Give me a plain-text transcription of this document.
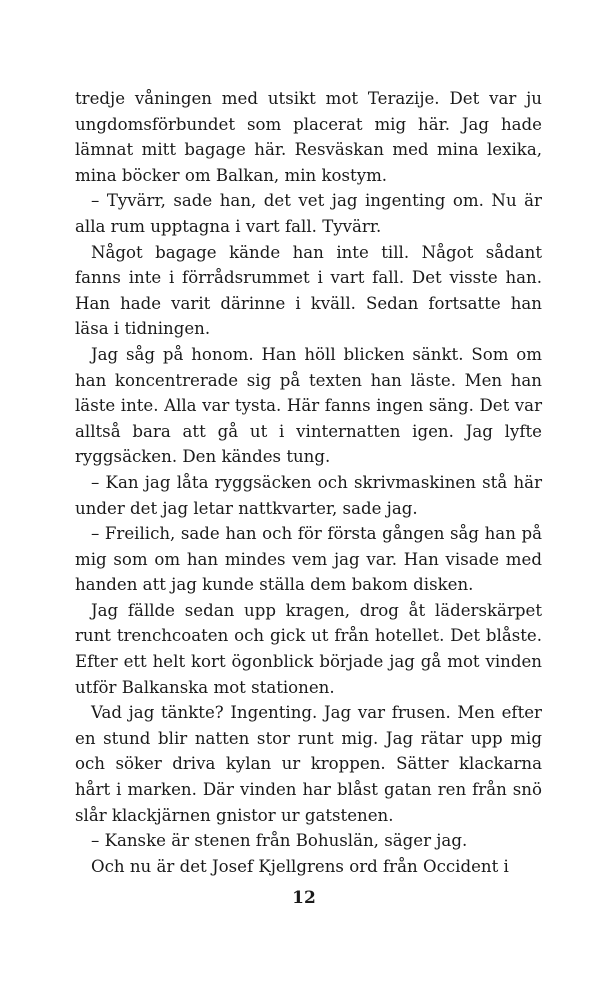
tredje våningen med utsikt mot Terazije. Det var ju ungdomsförbundet som placerat mig här. Jag hade lämnat mitt bagage här. Resväskan med mina lexika, mina böcker om Balkan, min kostym.

– Tyvärr, sade han, det vet jag ingenting om. Nu är alla rum upptagna i vart fall. Tyvärr.

Något bagage kände han inte till. Något sådant fanns inte i förrådsrummet i vart fall. Det visste han. Han hade varit därinne i kväll. Sedan fortsatte han läsa i tidningen.

Jag såg på honom. Han höll blicken sänkt. Som om han koncentrerade sig på texten han läste. Men han läste inte. Alla var tysta. Här fanns ingen säng. Det var alltså bara att gå ut i vinternatten igen. Jag lyfte ryggsäcken. Den kändes tung.

– Kan jag låta ryggsäcken och skrivmaskinen stå här under det jag letar nattkvarter, sade jag.

– Freilich, sade han och för första gången såg han på mig som om han mindes vem jag var. Han visade med handen att jag kunde ställa dem bakom disken.

Jag fällde sedan upp kragen, drog åt läderskärpet runt trenchcoaten och gick ut från hotellet. Det blåste. Efter ett helt kort ögonblick började jag gå mot vinden utför Balkanska mot stationen.

Vad jag tänkte? Ingenting. Jag var frusen. Men efter en stund blir natten stor runt mig. Jag rätar upp mig och söker driva kylan ur kroppen. Sätter klackarna hårt i marken. Där vinden har blåst gatan ren från snö slår klackjärnen gnistor ur gatstenen.

– Kanske är stenen från Bohuslän, säger jag.

Och nu är det Josef Kjellgrens ord från Occident i

12
